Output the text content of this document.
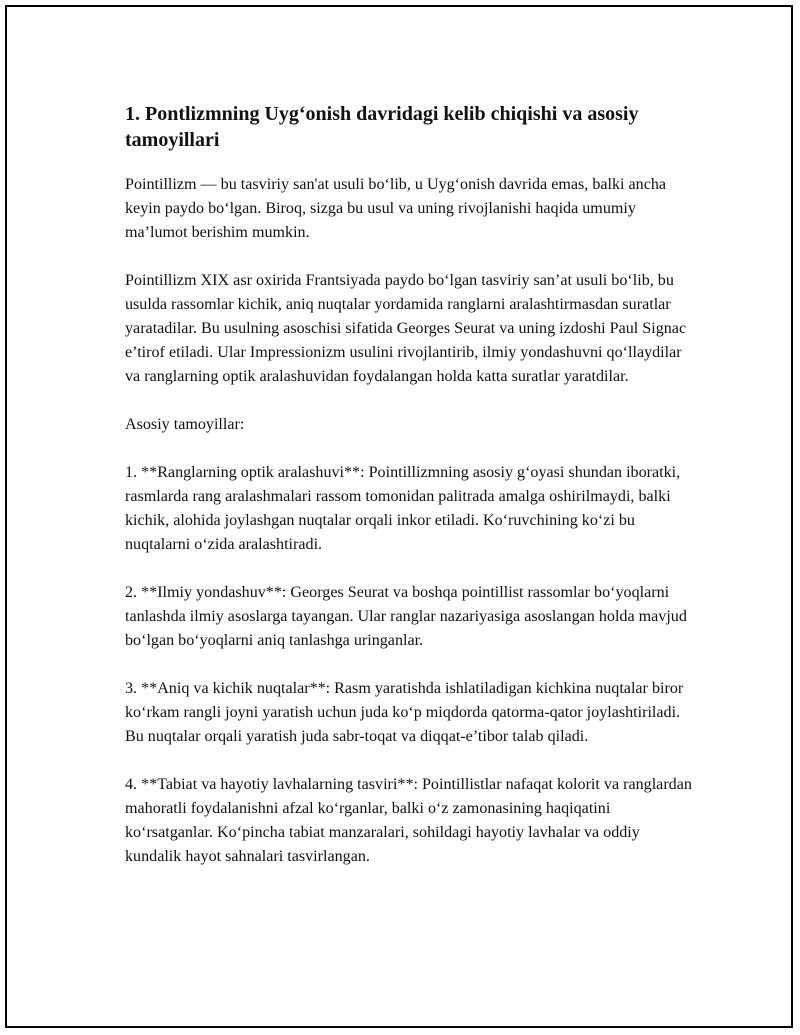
1. Pontlizmning Uyg‘onish davridagi kelib chiqishi va asosiy tamoyillari

Pointillizm — bu tasviriy san'at usuli bo‘lib, u Uyg‘onish davrida emas, balki ancha keyin paydo bo‘lgan. Biroq, sizga bu usul va uning rivojlanishi haqida umumiy ma’lumot berishim mumkin.

Pointillizm XIX asr oxirida Frantsiyada paydo bo‘lgan tasviriy san’at usuli bo‘lib, bu usulda rassomlar kichik, aniq nuqtalar yordamida ranglarni aralashtirmasdan suratlar yaratadilar. Bu usulning asoschisi sifatida Georges Seurat va uning izdoshi Paul Signac e’tirof etiladi. Ular Impressionizm usulini rivojlantirib, ilmiy yondashuvni qo‘llaydilar va ranglarning optik aralashuvidan foydalangan holda katta suratlar yaratdilar.

Asosiy tamoyillar:

1. **Ranglarning optik aralashuvi**: Pointillizmning asosiy g‘oyasi shundan iboratki, rasmlarda rang aralashmalari rassom tomonidan palitrada amalga oshirilmaydi, balki kichik, alohida joylashgan nuqtalar orqali inkor etiladi. Ko‘ruvchining ko‘zi bu nuqtalarni o‘zida aralashtiradi.

2. **Ilmiy yondashuv**: Georges Seurat va boshqa pointillist rassomlar bo‘yoqlarni tanlashda ilmiy asoslarga tayangan. Ular ranglar nazariyasiga asoslangan holda mavjud bo‘lgan bo‘yoqlarni aniq tanlashga uringanlar.

3. **Aniq va kichik nuqtalar**: Rasm yaratishda ishlatiladigan kichkina nuqtalar biror ko‘rkam rangli joyni yaratish uchun juda ko‘p miqdorda qatorma-qator joylashtiriladi. Bu nuqtalar orqali yaratish juda sabr-toqat va diqqat-e’tibor talab qiladi.

4. **Tabiat va hayotiy lavhalarning tasviri**: Pointillistlar nafaqat kolorit va ranglardan mahoratli foydalanishni afzal ko‘rganlar, balki o‘z zamonasining haqiqatini ko‘rsatganlar. Ko‘pincha tabiat manzaralari, sohildagi hayotiy lavhalar va oddiy kundalik hayot sahnalari tasvirlangan.
